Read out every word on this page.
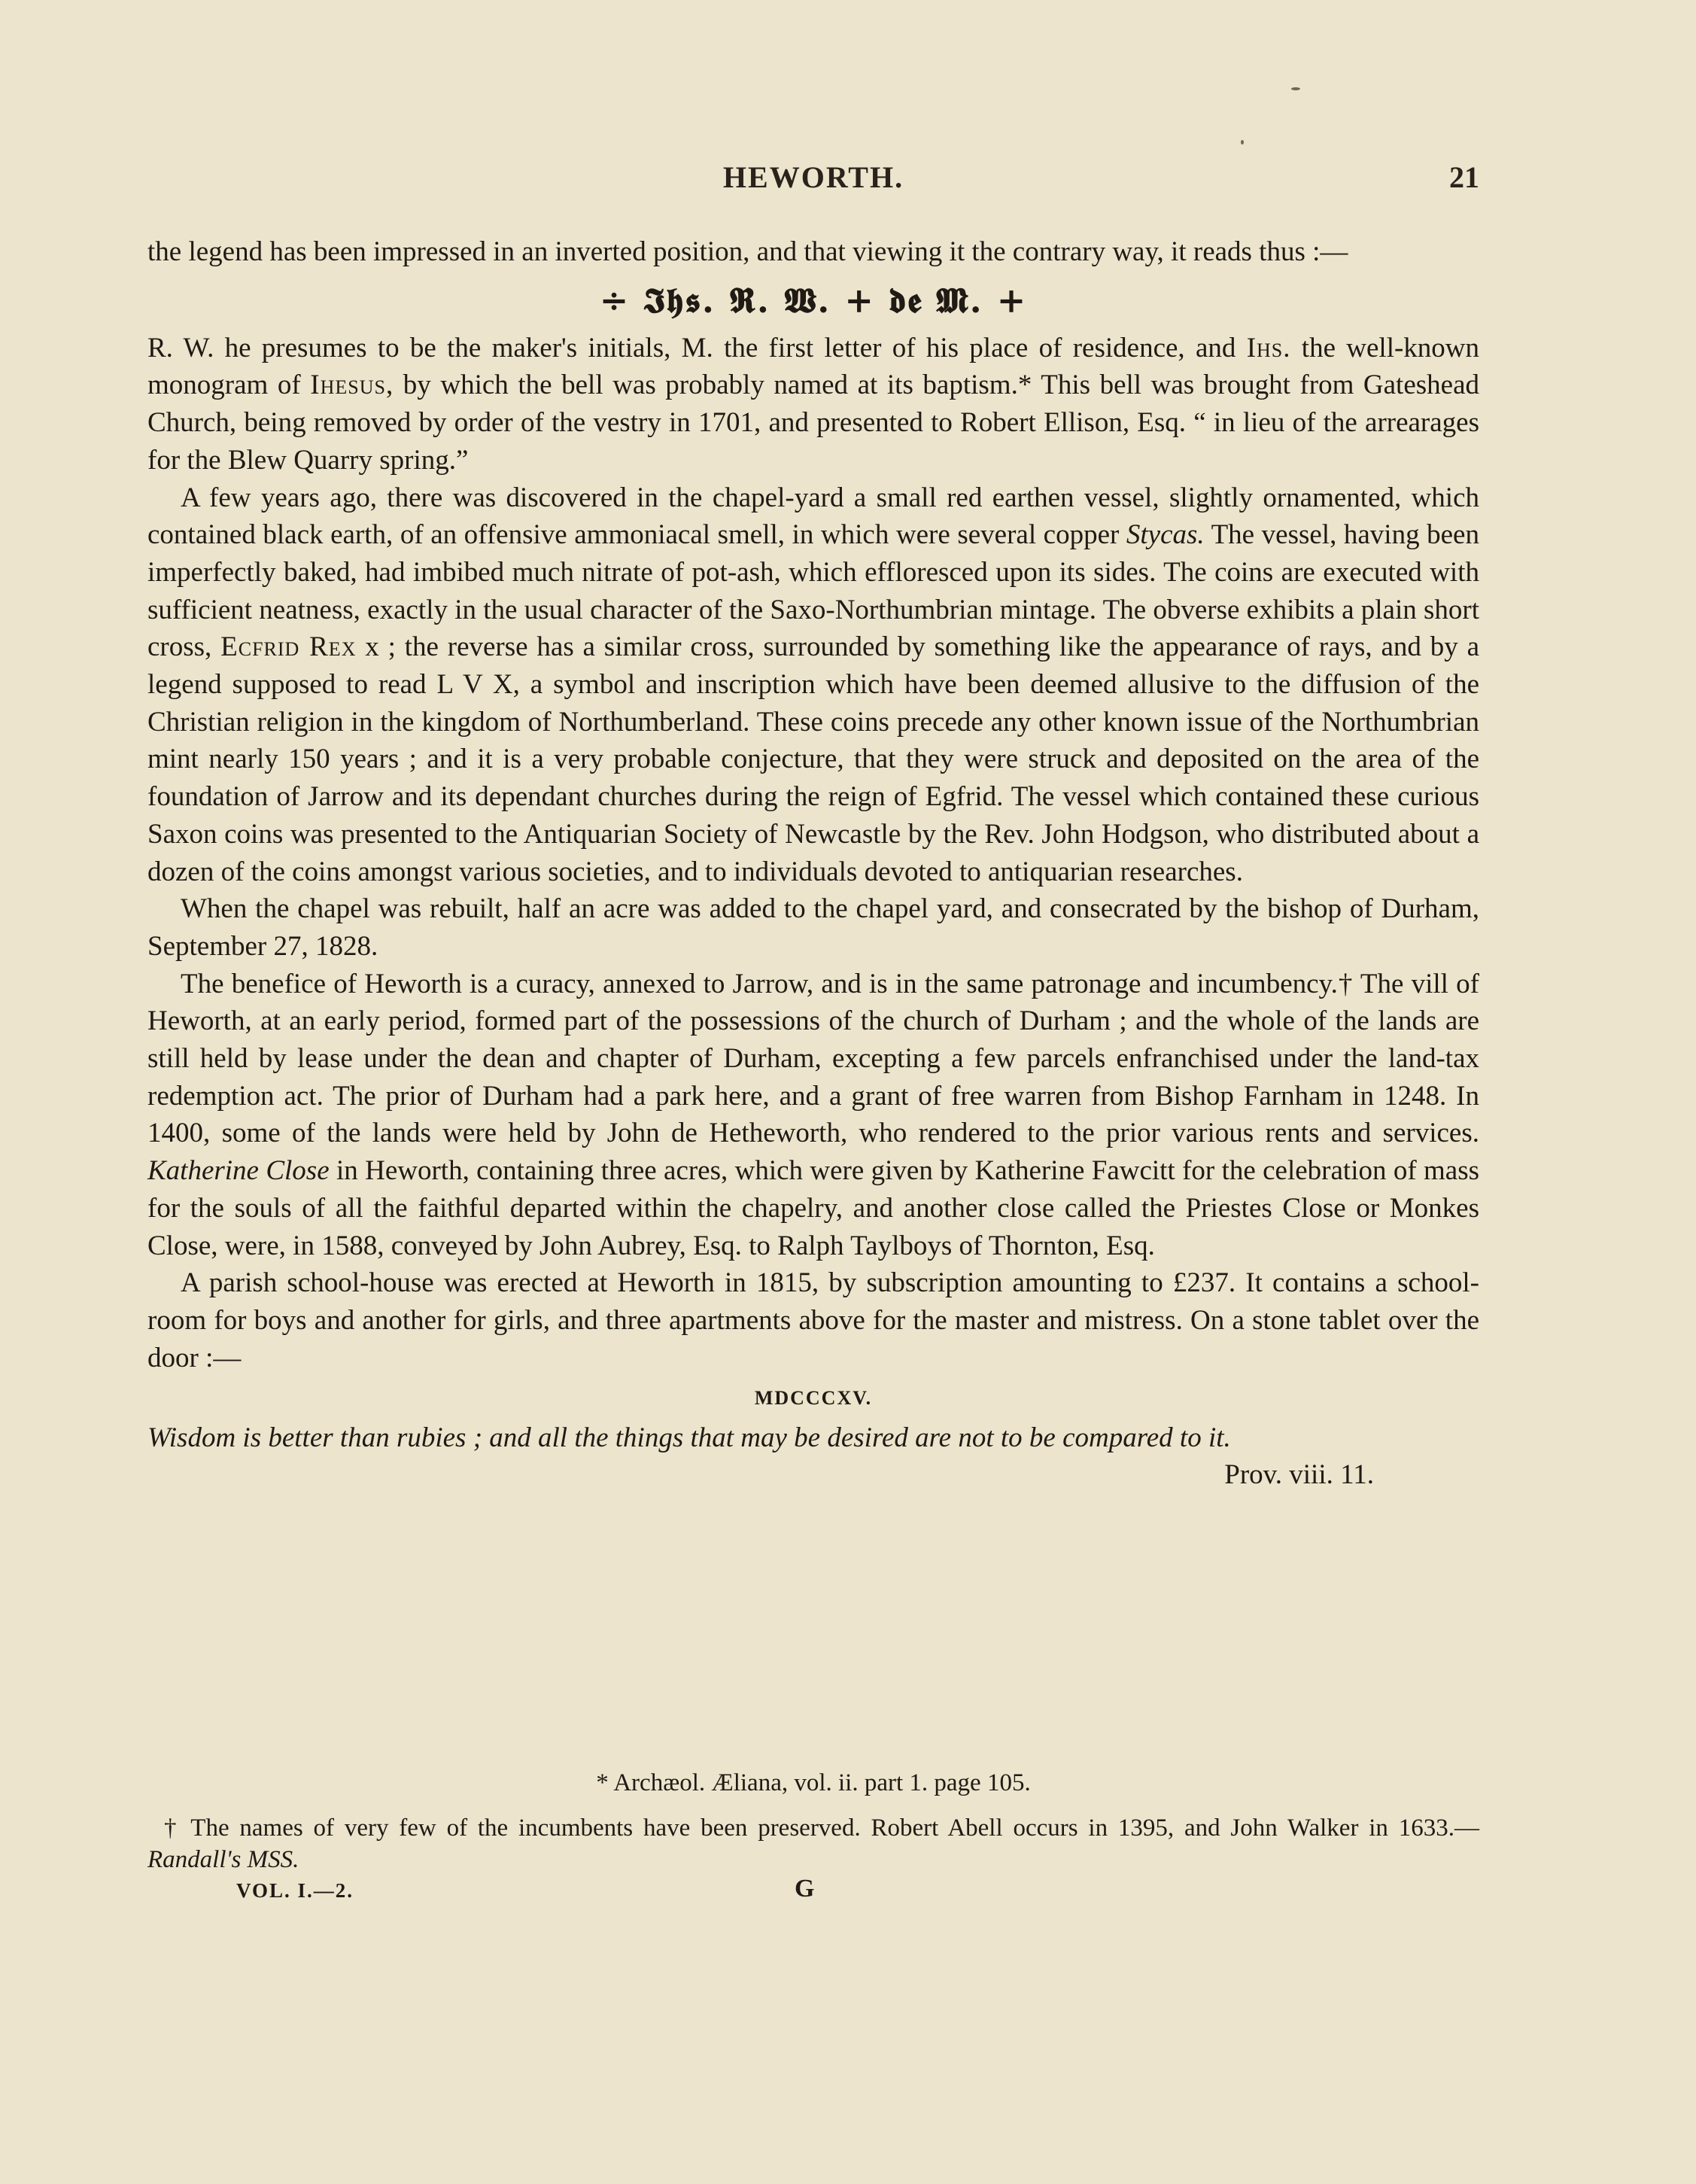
HEWORTH.	21

the legend has been impressed in an inverted position, and that viewing it the contrary way, it reads thus :—

÷ 𝕴𝖍𝖘. 𝕽. 𝖂. + 𝖉𝖊 𝕸. +

R. W. he presumes to be the maker's initials, M. the first letter of his place of residence, and Ihs. the well-known monogram of Ihesus, by which the bell was probably named at its baptism.* This bell was brought from Gateshead Church, being removed by order of the vestry in 1701, and presented to Robert Ellison, Esq. “ in lieu of the arrearages for the Blew Quarry spring.”

A few years ago, there was discovered in the chapel-yard a small red earthen vessel, slightly ornamented, which contained black earth, of an offensive ammoniacal smell, in which were several copper Stycas. The vessel, having been imperfectly baked, had imbibed much nitrate of pot-ash, which effloresced upon its sides. The coins are executed with sufficient neatness, exactly in the usual character of the Saxo-Northumbrian mintage. The obverse exhibits a plain short cross, Ecfrid Rex x ; the reverse has a similar cross, surrounded by something like the appearance of rays, and by a legend supposed to read L V X, a symbol and inscription which have been deemed allusive to the diffusion of the Christian religion in the kingdom of Northumberland. These coins precede any other known issue of the Northumbrian mint nearly 150 years ; and it is a very probable conjecture, that they were struck and deposited on the area of the foundation of Jarrow and its dependant churches during the reign of Egfrid. The vessel which contained these curious Saxon coins was presented to the Antiquarian Society of Newcastle by the Rev. John Hodgson, who distributed about a dozen of the coins amongst various societies, and to individuals devoted to antiquarian researches.

When the chapel was rebuilt, half an acre was added to the chapel yard, and consecrated by the bishop of Durham, September 27, 1828.

The benefice of Heworth is a curacy, annexed to Jarrow, and is in the same patronage and incumbency.† The vill of Heworth, at an early period, formed part of the possessions of the church of Durham ; and the whole of the lands are still held by lease under the dean and chapter of Durham, excepting a few parcels enfranchised under the land-tax redemption act. The prior of Durham had a park here, and a grant of free warren from Bishop Farnham in 1248. In 1400, some of the lands were held by John de Hetheworth, who rendered to the prior various rents and services. Katherine Close in Heworth, containing three acres, which were given by Katherine Fawcitt for the celebration of mass for the souls of all the faithful departed within the chapelry, and another close called the Priestes Close or Monkes Close, were, in 1588, conveyed by John Aubrey, Esq. to Ralph Taylboys of Thornton, Esq.

A parish school-house was erected at Heworth in 1815, by subscription amounting to £237. It contains a school-room for boys and another for girls, and three apartments above for the master and mistress. On a stone tablet over the door :—

MDCCCXV.

Wisdom is better than rubies ; and all the things that may be desired are not to be compared to it.

Prov. viii. 11.

* Archæol. Æliana, vol. ii. part 1. page 105.

† The names of very few of the incumbents have been preserved. Robert Abell occurs in 1395, and John Walker in 1633.—Randall's MSS.

VOL. I.—2.	G
